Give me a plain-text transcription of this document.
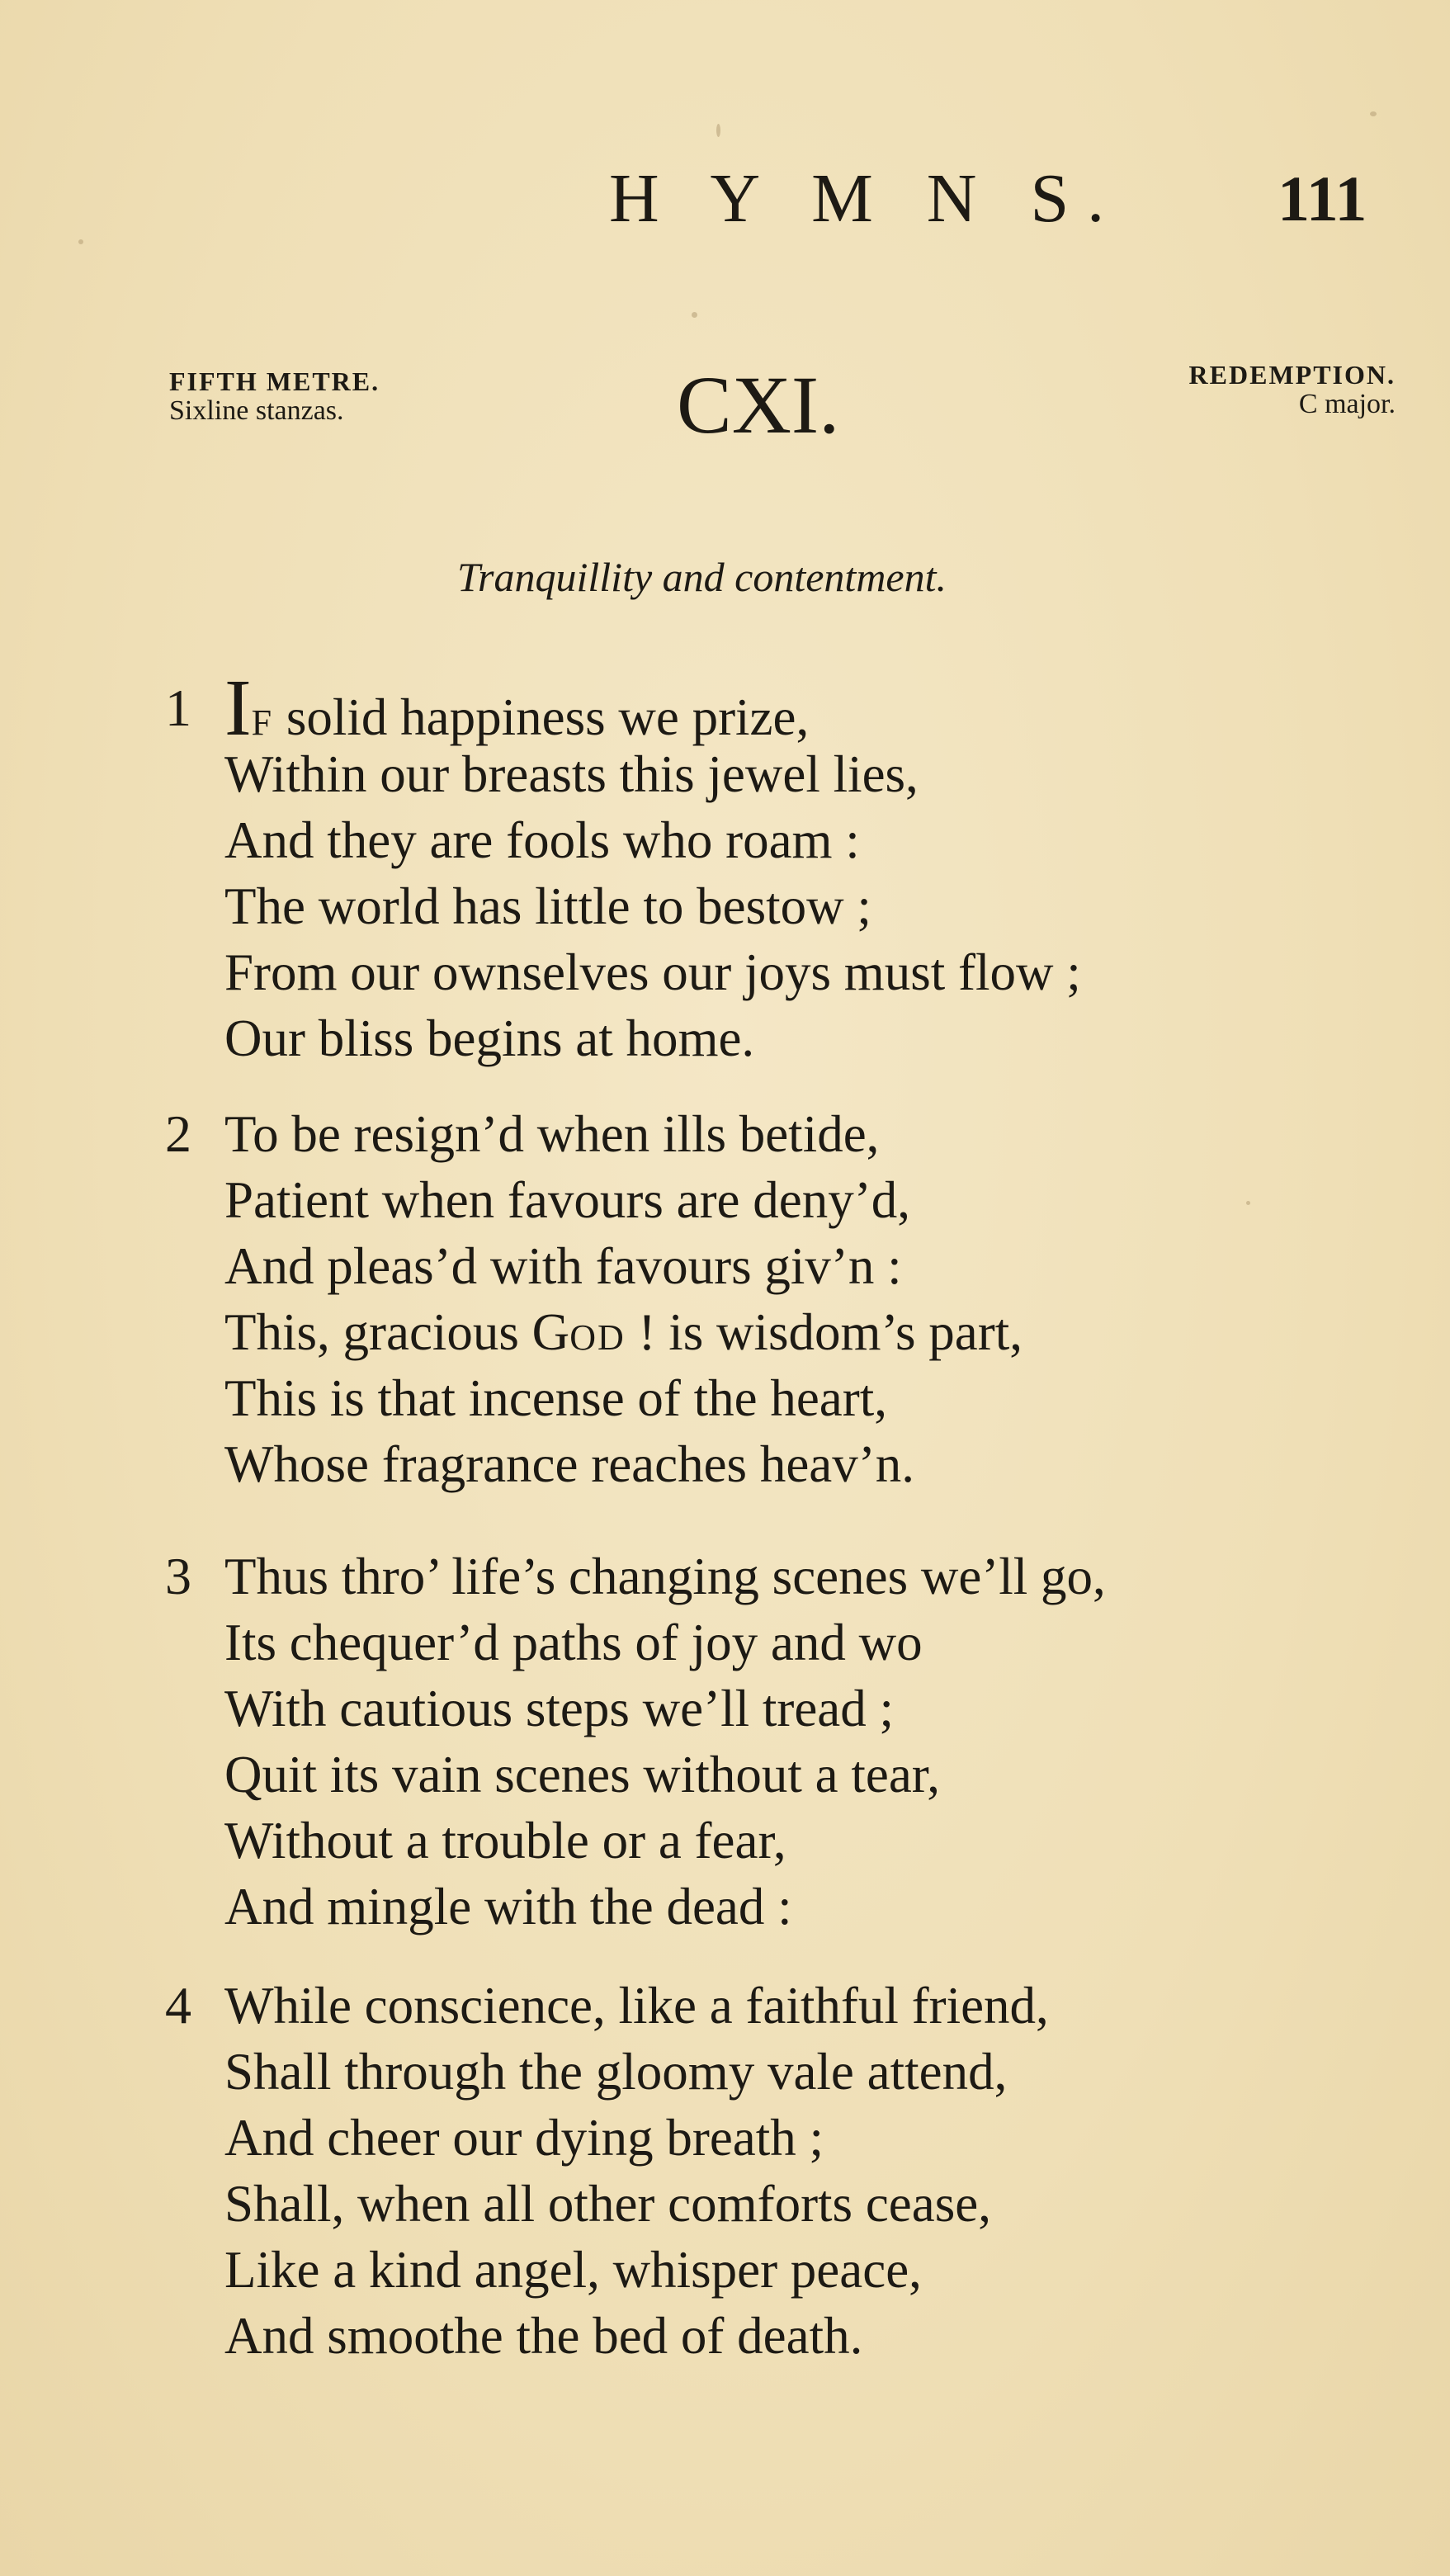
H Y M N S. 111
FIFTH METRE.
Sixline stanzas.	CXI.	REDEMPTION.
C major.
Tranquillity and contentment.
1 IF solid happiness we prize,
Within our breasts this jewel lies,
And they are fools who roam :
The world has little to bestow ;
From our ownselves our joys must flow ;
Our bliss begins at home.
2 To be resign’d when ills betide,
Patient when favours are deny’d,
And pleas’d with favours giv’n :
This, gracious GOD ! is wisdom’s part,
This is that incense of the heart,
Whose fragrance reaches heav’n.
3 Thus thro’ life’s changing scenes we’ll go,
Its chequer’d paths of joy and wo
With cautious steps we’ll tread ;
Quit its vain scenes without a tear,
Without a trouble or a fear,
And mingle with the dead :
4 While conscience, like a faithful friend,
Shall through the gloomy vale attend,
And cheer our dying breath ;
Shall, when all other comforts cease,
Like a kind angel, whisper peace,
And smoothe the bed of death.
